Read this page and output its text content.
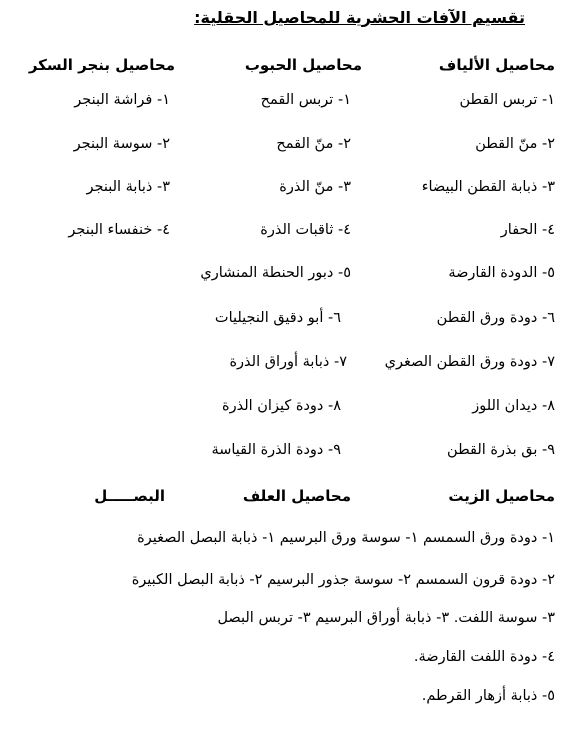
تقسيم الآفات الحشرية للمحاصيل الحقلية:
محاصيل الألياف
محاصيل الحبوب
محاصيل بنجر السكر
١- تربس القطن
٢- منّ القطن
٣- ذبابة القطن البيضاء
٤- الحفار
٥- الدودة القارضة
٦- دودة ورق القطن
٧- دودة ورق القطن الصغري
٨- ديدان اللوز
٩- بق بذرة القطن
١- تربس القمح
٢- منّ القمح
٣- منّ الذرة
٤- ثاقبات الذرة
٥- دبور الحنطة المنشاري
٦- أبو دقيق النجيليات
٧- ذبابة أوراق الذرة
٨- دودة كيزان الذرة
٩- دودة الذرة القياسة
١- فراشة البنجر
٢- سوسة البنجر
٣- ذبابة البنجر
٤- خنفساء البنجر
محاصيل الزيت
محاصيل العلف
البصـــــل
١- دودة ورق السمسم ١- سوسة ورق البرسيم ١- ذبابة البصل الصغيرة
٢- دودة قرون السمسم ٢- سوسة جذور البرسيم ٢- ذبابة البصل الكبيرة
٣- سوسة اللفت. ٣- ذبابة أوراق البرسيم ٣- تربس البصل
٤- دودة اللفت القارضة.
٥- ذبابة أزهار القرطم.
